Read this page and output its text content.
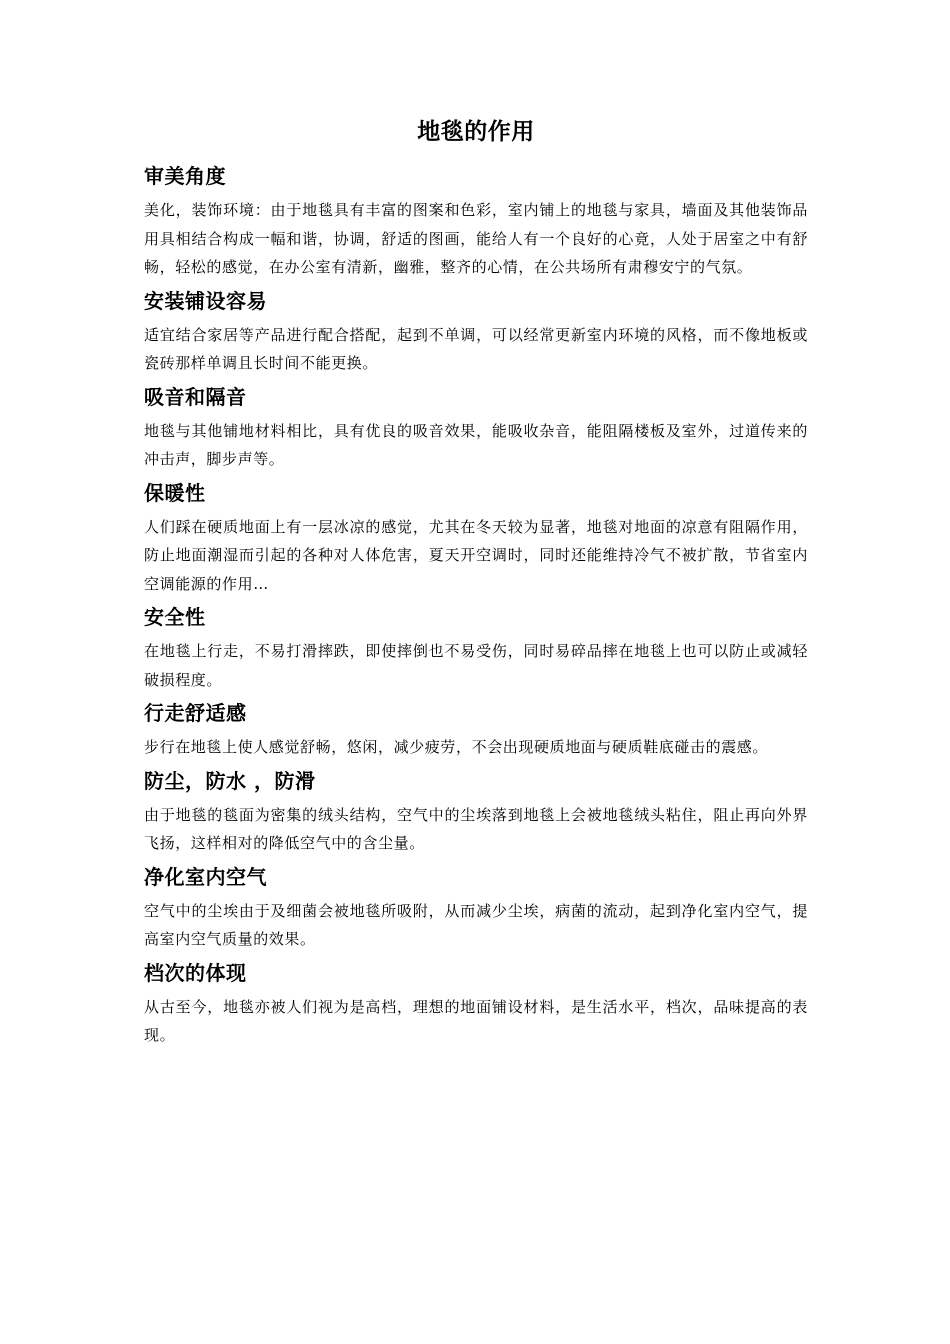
地毯的作用
审美角度

美化，装饰环境：由于地毯具有丰富的图案和色彩，室内铺上的地毯与家具，墙面及其他装饰品用具相结合构成一幅和谐，协调，舒适的图画，能给人有一个良好的心竟，人处于居室之中有舒畅，轻松的感觉，在办公室有清新，幽雅，整齐的心情，在公共场所有肃穆安宁的气氛。

安装铺设容易

适宜结合家居等产品进行配合搭配，起到不单调，可以经常更新室内环境的风格，而不像地板或瓷砖那样单调且长时间不能更换。

吸音和隔音

地毯与其他铺地材料相比，具有优良的吸音效果，能吸收杂音，能阻隔楼板及室外，过道传来的冲击声，脚步声等。

保暖性

人们踩在硬质地面上有一层冰凉的感觉，尤其在冬天较为显著，地毯对地面的凉意有阻隔作用，防止地面潮湿而引起的各种对人体危害，夏天开空调时，同时还能维持冷气不被扩散，节省室内空调能源的作用…

安全性

在地毯上行走，不易打滑摔跌，即使摔倒也不易受伤，同时易碎品摔在地毯上也可以防止或减轻破损程度。

行走舒适感

步行在地毯上使人感觉舒畅，悠闲，减少疲劳，不会出现硬质地面与硬质鞋底碰击的震感。

防尘，防水 ，防滑

由于地毯的毯面为密集的绒头结构，空气中的尘埃落到地毯上会被地毯绒头粘住，阻止再向外界飞扬，这样相对的降低空气中的含尘量。

净化室内空气

空气中的尘埃由于及细菌会被地毯所吸附，从而减少尘埃，病菌的流动，起到净化室内空气，提高室内空气质量的效果。

档次的体现

从古至今，地毯亦被人们视为是高档，理想的地面铺设材料，是生活水平，档次，品味提高的表现。
